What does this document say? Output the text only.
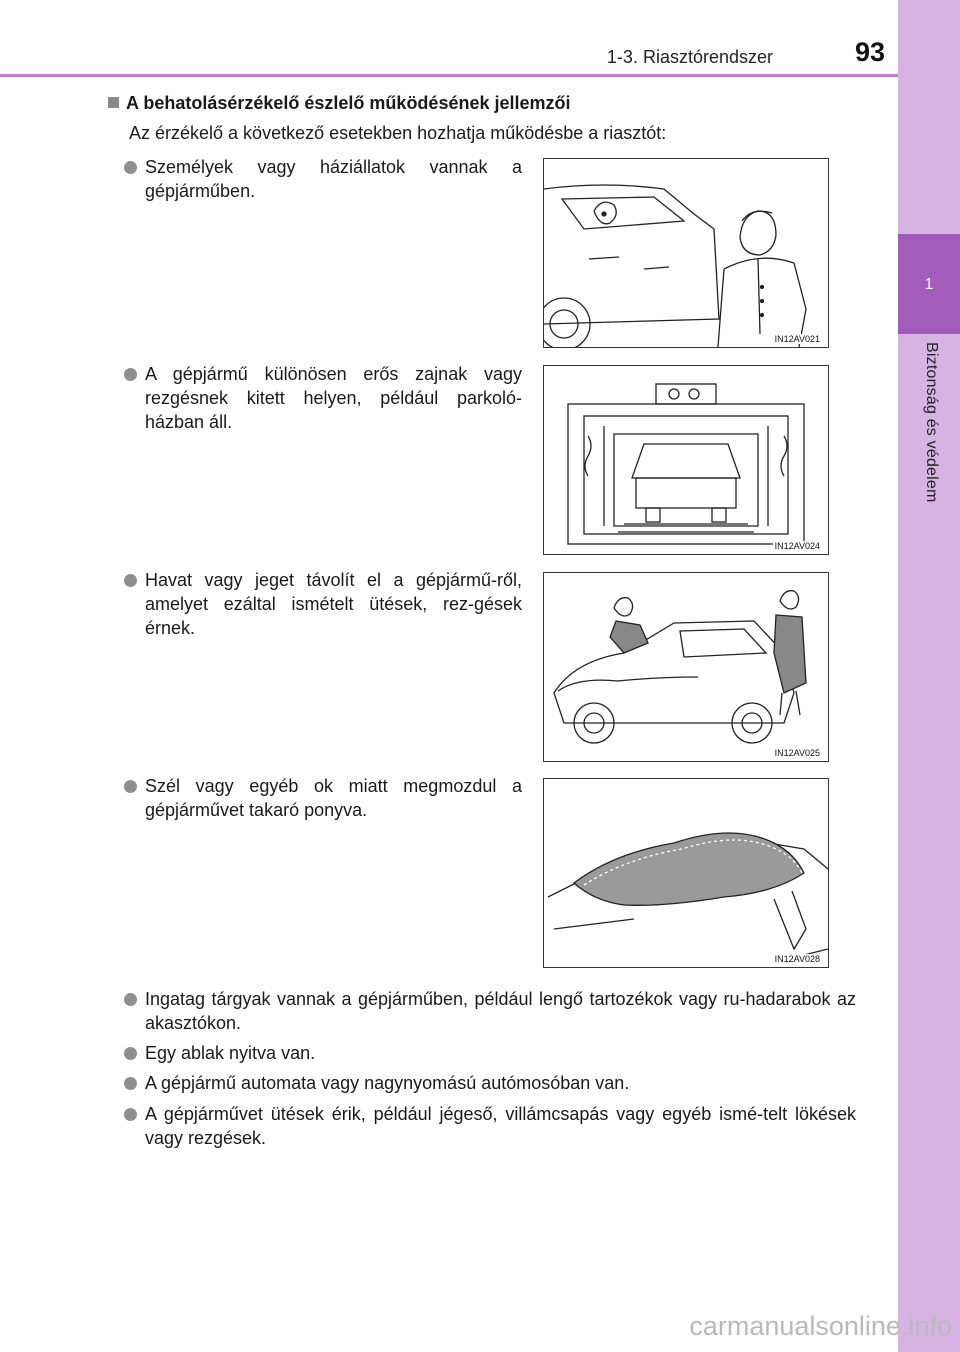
1-3. Riasztórendszer	93
1
Biztonság és védelem
A behatolásérzékelő észlelő működésének jellemzői
Az érzékelő a következő esetekben hozhatja működésbe a riasztót:
Személyek vagy háziállatok vannak a gépjárműben.
IN12AV021
A gépjármű különösen erős zajnak vagy rezgésnek kitett helyen, például parkoló-házban áll.
IN12AV024
Havat vagy jeget távolít el a gépjármű-ről, amelyet ezáltal ismételt ütések, rez-gések érnek.
IN12AV025
Szél vagy egyéb ok miatt megmozdul a gépjárművet takaró ponyva.
IN12AV028
Ingatag tárgyak vannak a gépjárműben, például lengő tartozékok vagy ru-hadarabok az akasztókon.
Egy ablak nyitva van.
A gépjármű automata vagy nagynyomású autómosóban van.
A gépjárművet ütések érik, például jégeső, villámcsapás vagy egyéb ismé-telt lökések vagy rezgések.
carmanualsonline.info
